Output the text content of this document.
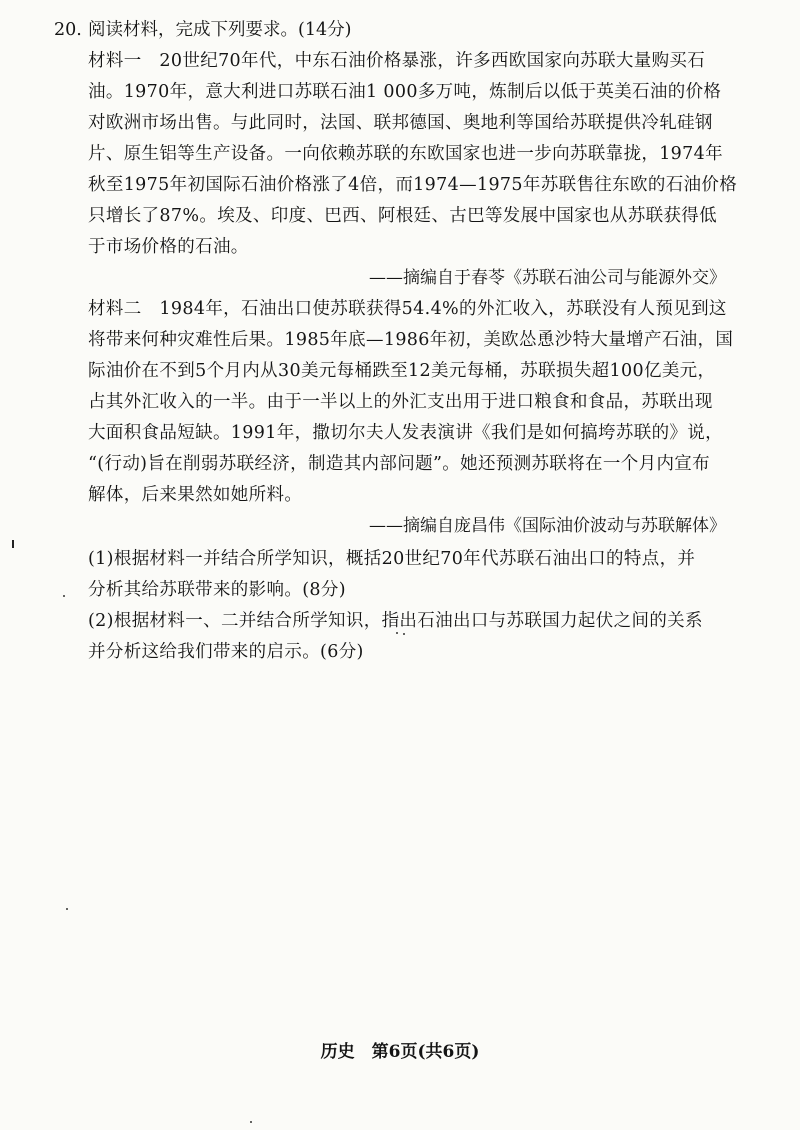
20. 阅读材料，完成下列要求。(14分)
材料一　20世纪70年代，中东石油价格暴涨，许多西欧国家向苏联大量购买石
油。1970年，意大利进口苏联石油1 000多万吨，炼制后以低于英美石油的价格
对欧洲市场出售。与此同时，法国、联邦德国、奥地利等国给苏联提供冷轧硅钢
片、原生铝等生产设备。一向依赖苏联的东欧国家也进一步向苏联靠拢，1974年
秋至1975年初国际石油价格涨了4倍，而1974—1975年苏联售往东欧的石油价格
只增长了87%。埃及、印度、巴西、阿根廷、古巴等发展中国家也从苏联获得低
于市场价格的石油。
——摘编自于春苓《苏联石油公司与能源外交》
材料二　1984年，石油出口使苏联获得54.4%的外汇收入，苏联没有人预见到这
将带来何种灾难性后果。1985年底—1986年初，美欧怂恿沙特大量增产石油，国
际油价在不到5个月内从30美元每桶跌至12美元每桶，苏联损失超100亿美元，
占其外汇收入的一半。由于一半以上的外汇支出用于进口粮食和食品，苏联出现
大面积食品短缺。1991年，撒切尔夫人发表演讲《我们是如何搞垮苏联的》说，
“(行动)旨在削弱苏联经济，制造其内部问题”。她还预测苏联将在一个月内宣布
解体，后来果然如她所料。
——摘编自庞昌伟《国际油价波动与苏联解体》
(1)根据材料一并结合所学知识，概括20世纪70年代苏联石油出口的特点，并
分析其给苏联带来的影响。(8分)
(2)根据材料一、二并结合所学知识，指出石油出口与苏联国力起伏之间的关系
并分析这给我们带来的启示。(6分)
历史　第6页(共6页)
